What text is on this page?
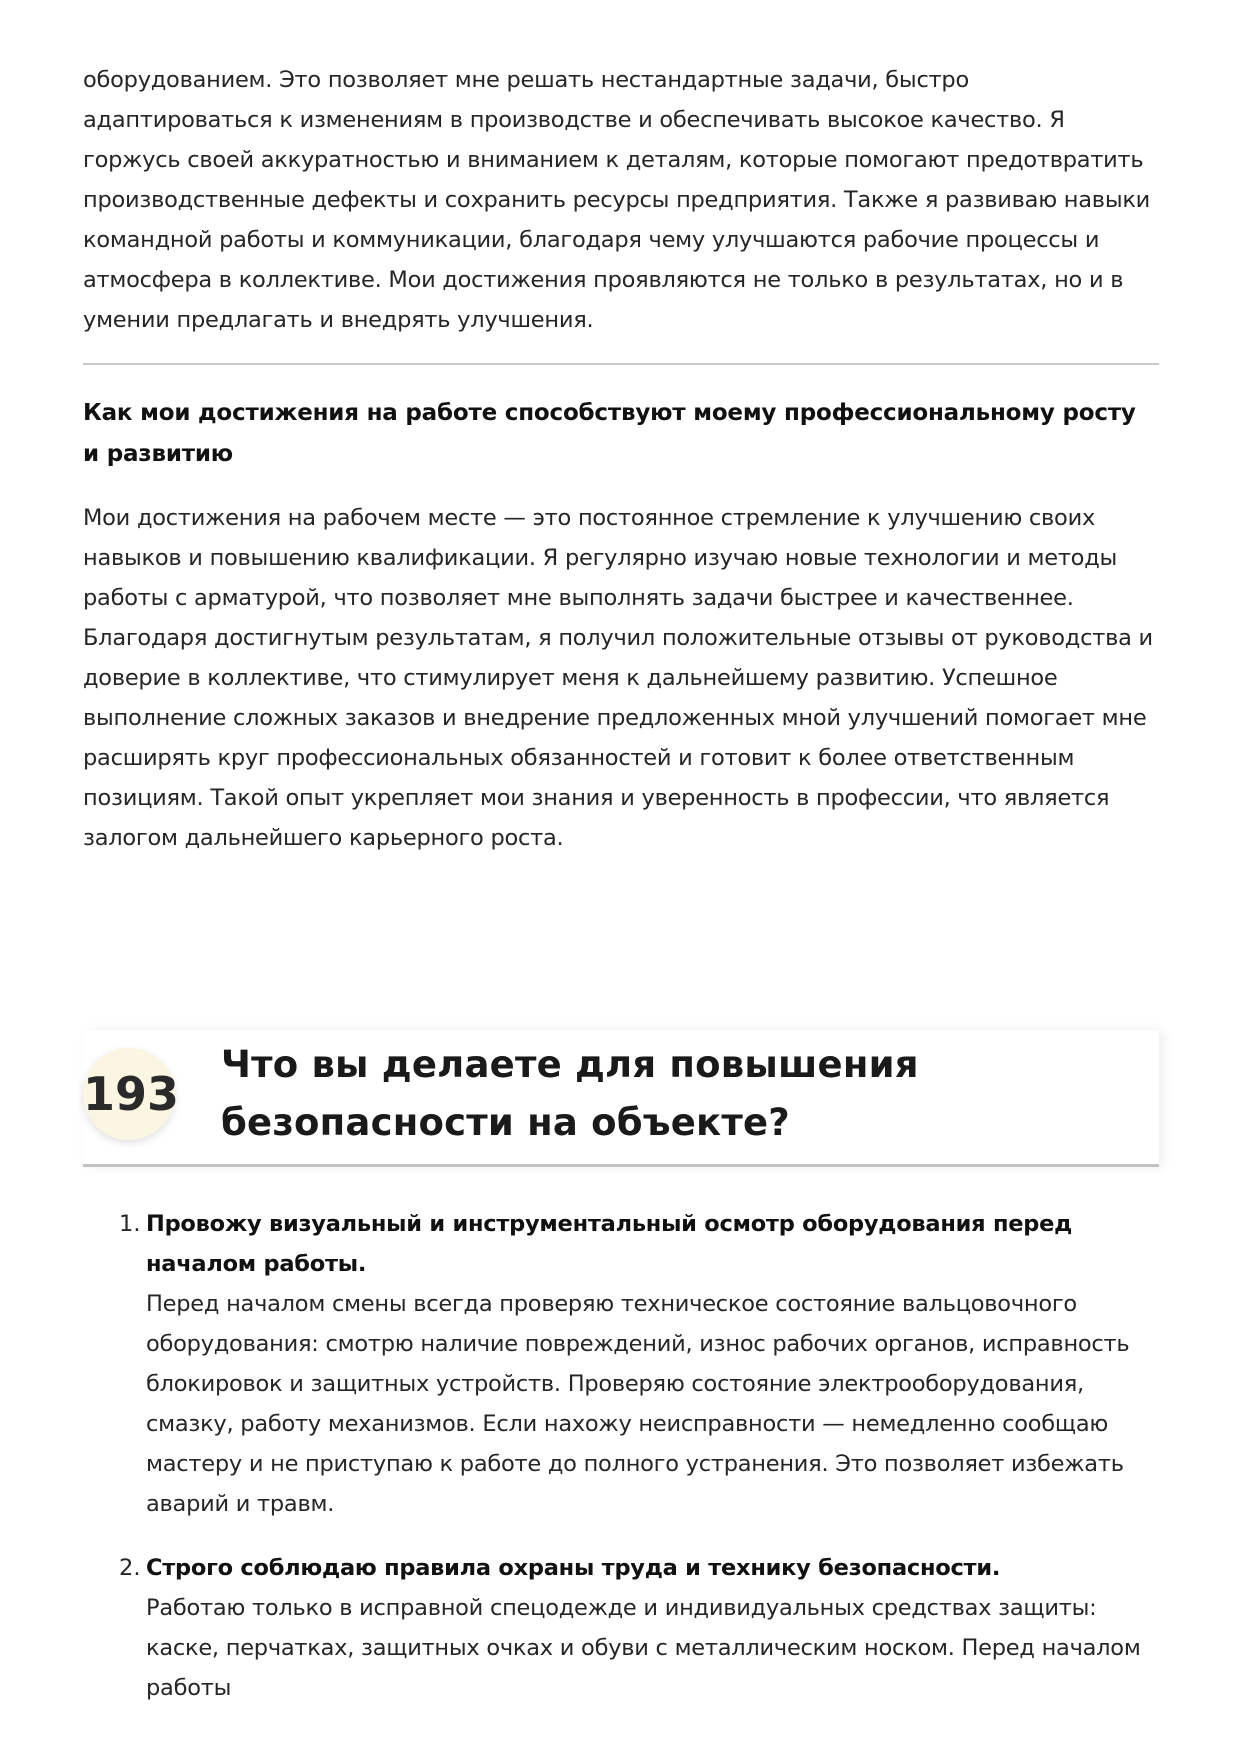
оборудованием. Это позволяет мне решать нестандартные задачи, быстро адаптироваться к изменениям в производстве и обеспечивать высокое качество. Я горжусь своей аккуратностью и вниманием к деталям, которые помогают предотвратить производственные дефекты и сохранить ресурсы предприятия. Также я развиваю навыки командной работы и коммуникации, благодаря чему улучшаются рабочие процессы и атмосфера в коллективе. Мои достижения проявляются не только в результатах, но и в умении предлагать и внедрять улучшения.

Как мои достижения на работе способствуют моему профессиональному росту и развитию

Мои достижения на рабочем месте — это постоянное стремление к улучшению своих навыков и повышению квалификации. Я регулярно изучаю новые технологии и методы работы с арматурой, что позволяет мне выполнять задачи быстрее и качественнее. Благодаря достигнутым результатам, я получил положительные отзывы от руководства и доверие в коллективе, что стимулирует меня к дальнейшему развитию. Успешное выполнение сложных заказов и внедрение предложенных мной улучшений помогает мне расширять круг профессиональных обязанностей и готовит к более ответственным позициям. Такой опыт укрепляет мои знания и уверенность в профессии, что является залогом дальнейшего карьерного роста.

193
Что вы делаете для повышения безопасности на объекте?
1. Провожу визуальный и инструментальный осмотр оборудования перед началом работы.

Перед началом смены всегда проверяю техническое состояние вальцовочного оборудования: смотрю наличие повреждений, износ рабочих органов, исправность блокировок и защитных устройств. Проверяю состояние электрооборудования, смазку, работу механизмов. Если нахожу неисправности — немедленно сообщаю мастеру и не приступаю к работе до полного устранения. Это позволяет избежать аварий и травм.

2. Строго соблюдаю правила охраны труда и технику безопасности.

Работаю только в исправной спецодежде и индивидуальных средствах защиты: каске, перчатках, защитных очках и обуви с металлическим носком. Перед началом работы
